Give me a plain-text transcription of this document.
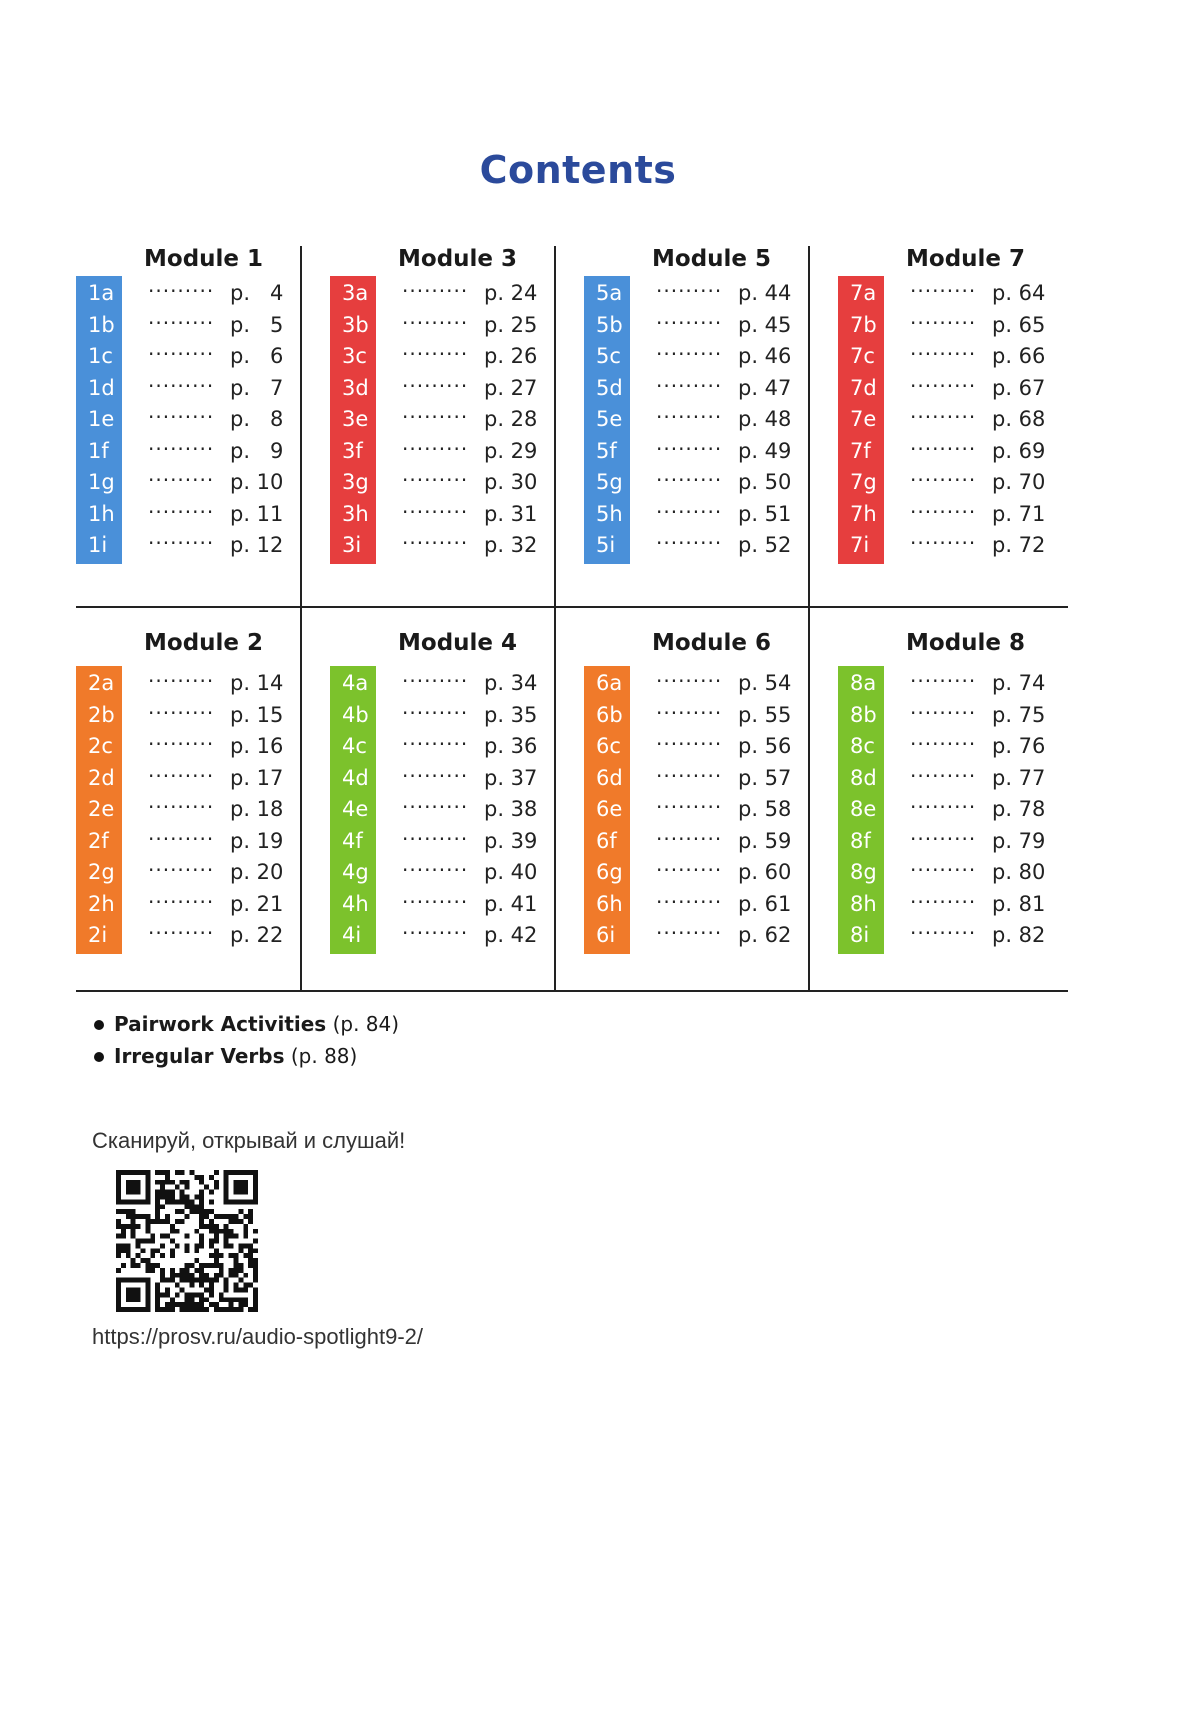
Contents
Module 1
1a ········· p.   4
1b ········· p.   5
1c ········· p.   6
1d ········· p.   7
1e ········· p.   8
1f ········· p.   9
1g ········· p. 10
1h ········· p. 11
1i ········· p. 12
Module 3
3a ········· p. 24
3b ········· p. 25
3c ········· p. 26
3d ········· p. 27
3e ········· p. 28
3f ········· p. 29
3g ········· p. 30
3h ········· p. 31
3i ········· p. 32
Module 5
5a ········· p. 44
5b ········· p. 45
5c ········· p. 46
5d ········· p. 47
5e ········· p. 48
5f ········· p. 49
5g ········· p. 50
5h ········· p. 51
5i ········· p. 52
Module 7
7a ········· p. 64
7b ········· p. 65
7c ········· p. 66
7d ········· p. 67
7e ········· p. 68
7f ········· p. 69
7g ········· p. 70
7h ········· p. 71
7i ········· p. 72
Module 2
2a ········· p. 14
2b ········· p. 15
2c ········· p. 16
2d ········· p. 17
2e ········· p. 18
2f ········· p. 19
2g ········· p. 20
2h ········· p. 21
2i ········· p. 22
Module 4
4a ········· p. 34
4b ········· p. 35
4c ········· p. 36
4d ········· p. 37
4e ········· p. 38
4f ········· p. 39
4g ········· p. 40
4h ········· p. 41
4i ········· p. 42
Module 6
6a ········· p. 54
6b ········· p. 55
6c ········· p. 56
6d ········· p. 57
6e ········· p. 58
6f ········· p. 59
6g ········· p. 60
6h ········· p. 61
6i ········· p. 62
Module 8
8a ········· p. 74
8b ········· p. 75
8c ········· p. 76
8d ········· p. 77
8e ········· p. 78
8f ········· p. 79
8g ········· p. 80
8h ········· p. 81
8i ········· p. 82
Pairwork Activities (p. 84)
Irregular Verbs (p. 88)
Сканируй, открывай и слушай!
https://prosv.ru/audio-spotlight9-2/
